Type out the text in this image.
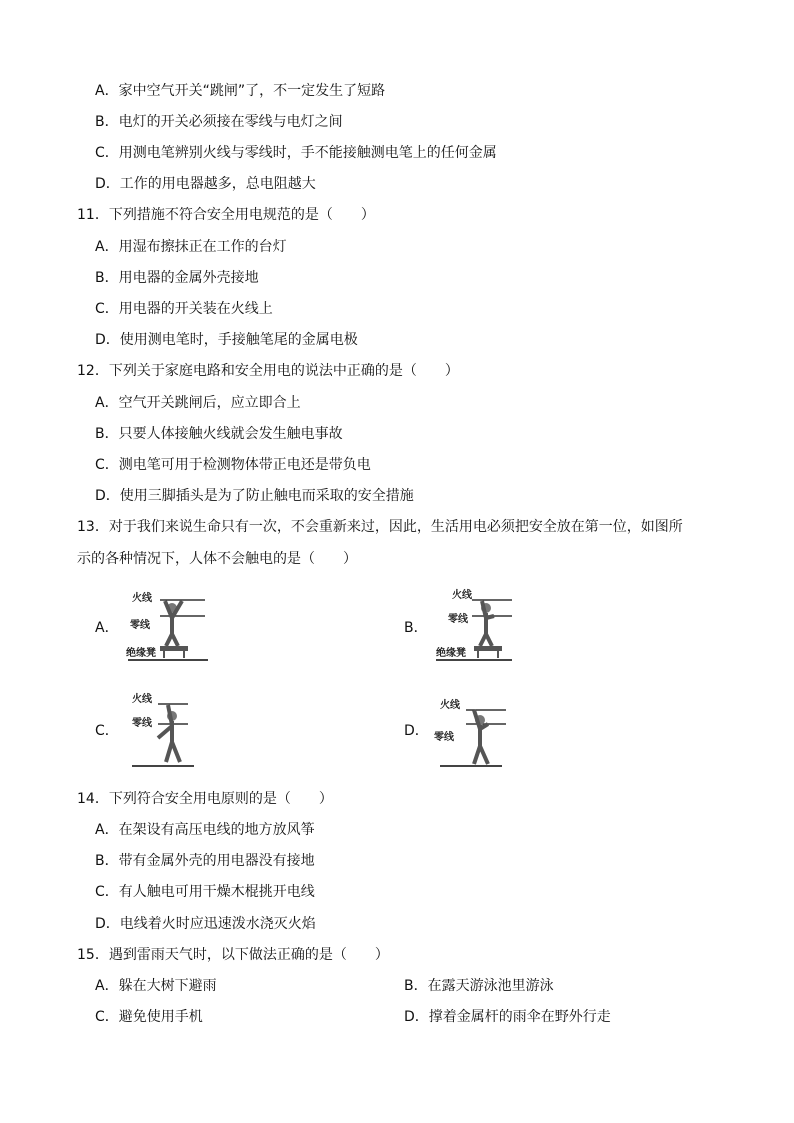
A．家中空气开关“跳闸”了，不一定发生了短路
B．电灯的开关必须接在零线与电灯之间
C．用测电笔辨别火线与零线时，手不能接触测电笔上的任何金属
D．工作的用电器越多，总电阻越大
11．下列措施不符合安全用电规范的是（　　）
A．用湿布擦抹正在工作的台灯
B．用电器的金属外壳接地
C．用电器的开关装在火线上
D．使用测电笔时，手接触笔尾的金属电极
12．下列关于家庭电路和安全用电的说法中正确的是（　　）
A．空气开关跳闸后，应立即合上
B．只要人体接触火线就会发生触电事故
C．测电笔可用于检测物体带正电还是带负电
D．使用三脚插头是为了防止触电而采取的安全措施
13．对于我们来说生命只有一次，不会重新来过，因此，生活用电必须把安全放在第一位，如图所
示的各种情况下，人体不会触电的是（　　）
A．
火线
零线
绝缘凳
B．
火线
零线
绝缘凳
C．
火线
零线	D．
火线
零线
14．下列符合安全用电原则的是（　　）
A．在架设有高压电线的地方放风筝
B．带有金属外壳的用电器没有接地
C．有人触电可用干燥木棍挑开电线
D．电线着火时应迅速泼水浇灭火焰
15．遇到雷雨天气时，以下做法正确的是（　　）
A．躲在大树下避雨	B．在露天游泳池里游泳
C．避免使用手机	D．撑着金属杆的雨伞在野外行走
